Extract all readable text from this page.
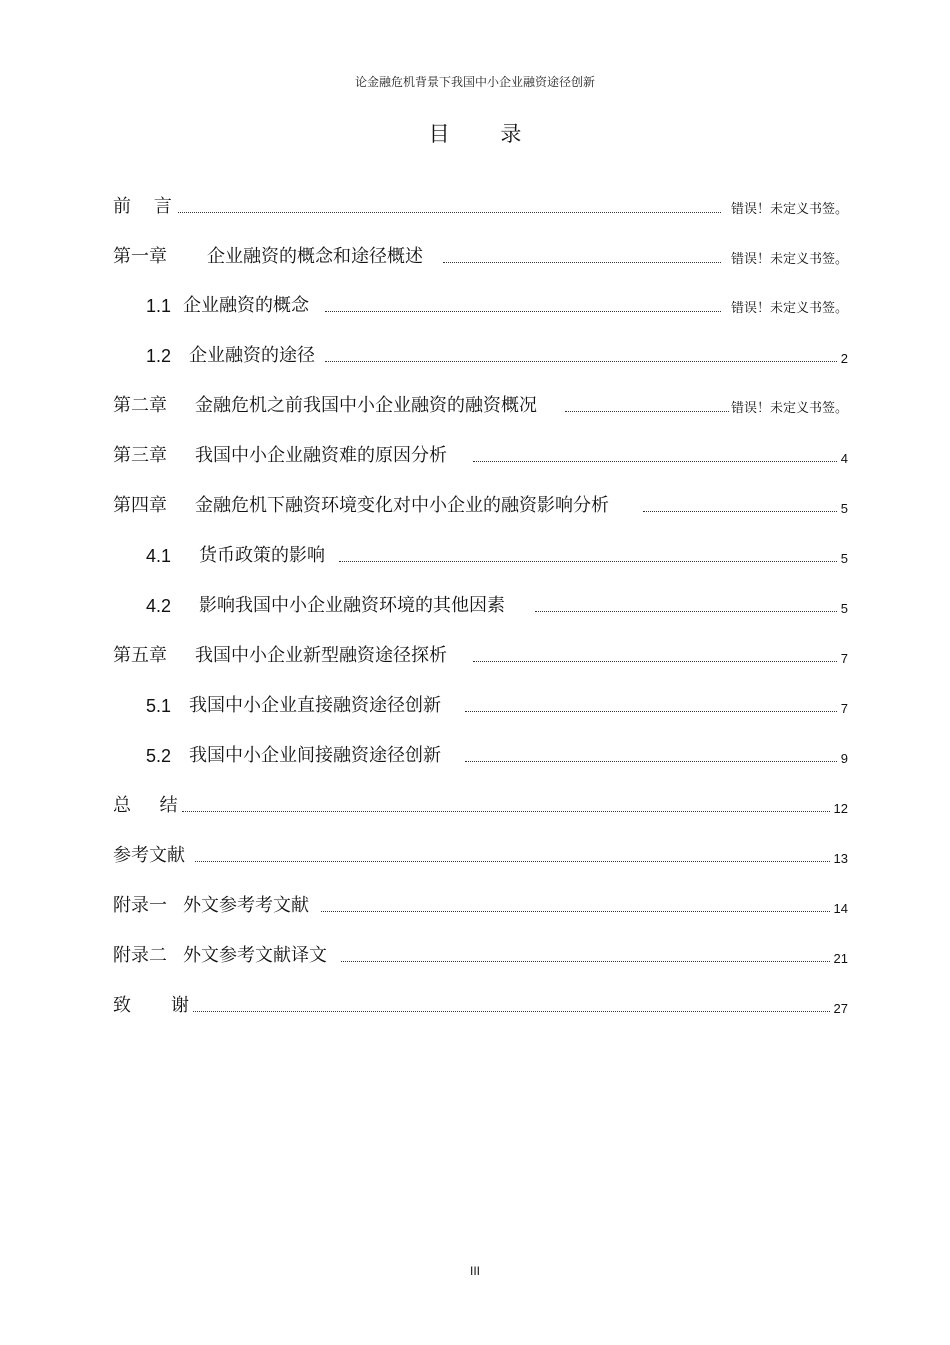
论金融危机背景下我国中小企业融资途径创新
目 录
前    言	错误！未定义书签。
第一章 企业融资的概念和途径概述	错误！未定义书签。
1.1 企业融资的概念	错误！未定义书签。
1.2 企业融资的途径	2
第二章 金融危机之前我国中小企业融资的融资概况	错误！未定义书签。
第三章 我国中小企业融资难的原因分析	4
第四章 金融危机下融资环境变化对中小企业的融资影响分析	5
4.1 货币政策的影响	5
4.2 影响我国中小企业融资环境的其他因素	5
第五章 我国中小企业新型融资途径探析	7
5.1 我国中小企业直接融资途径创新	7
5.2 我国中小企业间接融资途径创新	9
总     结	12
参考文献	13
附录一 外文参考考文献	14
附录二 外文参考文献译文	21
致       谢	27
III
